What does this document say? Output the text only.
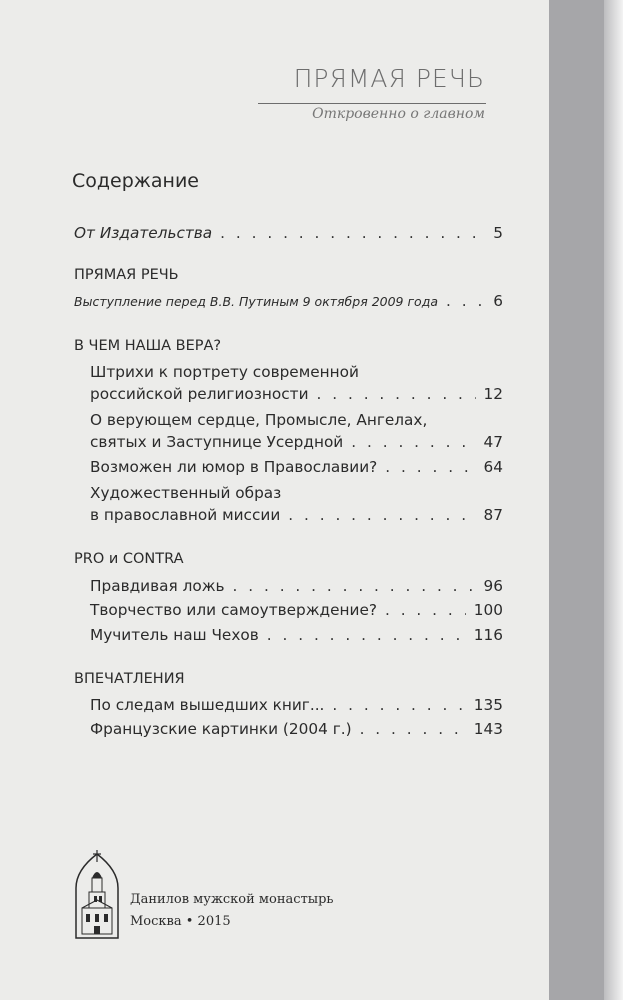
ПРЯМАЯ РЕЧЬ
Откровенно о главном
Содержание
От Издательства . . .	5
ПРЯМАЯ РЕЧЬ
Выступление перед В.В. Путиным 9 октября 2009 года . . .	6
В ЧЕМ НАША ВЕРА?
Штрихи к портрету современной
российской религиозности . . .	12
О верующем сердце, Промысле, Ангелах,
святых и Заступнице Усердной . . .	47
Возможен ли юмор в Православии? . . .	64
Художественный образ
в православной миссии . . .	87
PRO и CONTRA
Правдивая ложь . . .	96
Творчество или самоутверждение? . . .	100
Мучитель наш Чехов . . .	116
ВПЕЧАТЛЕНИЯ
По следам вышедших книг... . . .	135
Французские картинки (2004 г.) . . .	143
Данилов мужской монастырь
Москва • 2015
